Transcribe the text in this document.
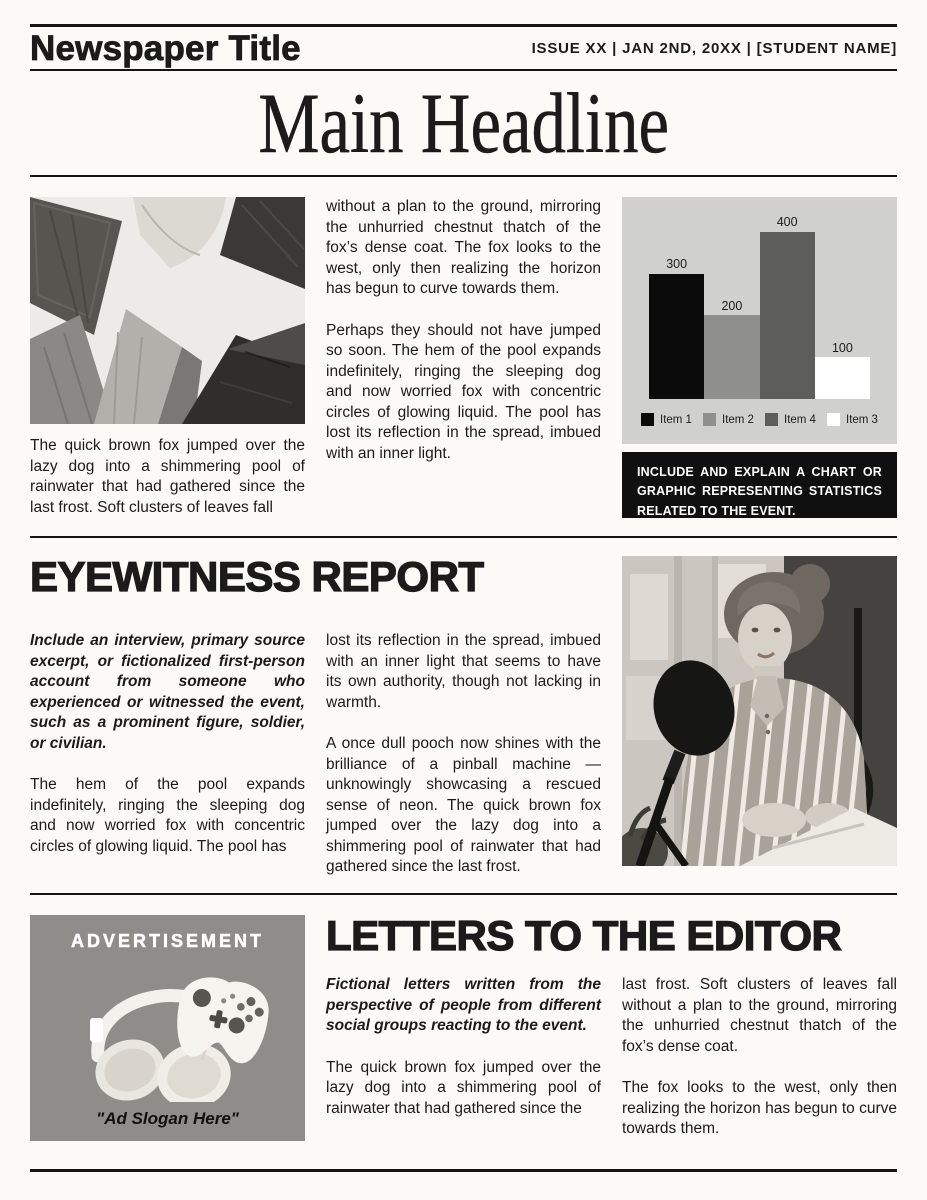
Newspaper Title	ISSUE XX | JAN 2ND, 20XX | [STUDENT NAME]
Main Headline
The quick brown fox jumped over the lazy dog into a shimmering pool of rainwater that had gathered since the last frost. Soft clusters of leaves fall

without a plan to the ground, mirroring the unhurried chestnut thatch of the fox’s dense coat. The fox looks to the west, only then realizing the horizon has begun to curve towards them.

Perhaps they should not have jumped so soon. The hem of the pool expands indefinitely, ringing the sleeping dog and now worried fox with concentric circles of glowing liquid. The pool has lost its reflection in the spread, imbued with an inner light.

300
200
400
100
Item 1	Item 2	Item 4	Item 3
INCLUDE AND EXPLAIN A CHART OR GRAPHIC REPRESENTING STATISTICS RELATED TO THE EVENT.
EYEWITNESS REPORT

Include an interview, primary source excerpt, or fictionalized first-person account from someone who experienced or witnessed the event, such as a prominent figure, soldier, or civilian.

The hem of the pool expands indefinitely, ringing the sleeping dog and now worried fox with concentric circles of glowing liquid. The pool has

lost its reflection in the spread, imbued with an inner light that seems to have its own authority, though not lacking in warmth.

A once dull pooch now shines with the brilliance of a pinball machine — unknowingly showcasing a rescued sense of neon. The quick brown fox jumped over the lazy dog into a shimmering pool of rainwater that had gathered since the last frost.

ADVERTISEMENT
"Ad Slogan Here"
LETTERS TO THE EDITOR

Fictional letters written from the perspective of people from different social groups reacting to the event.

The quick brown fox jumped over the lazy dog into a shimmering pool of rainwater that had gathered since the

last frost. Soft clusters of leaves fall without a plan to the ground, mirroring the unhurried chestnut thatch of the fox’s dense coat.

The fox looks to the west, only then realizing the horizon has begun to curve towards them.
